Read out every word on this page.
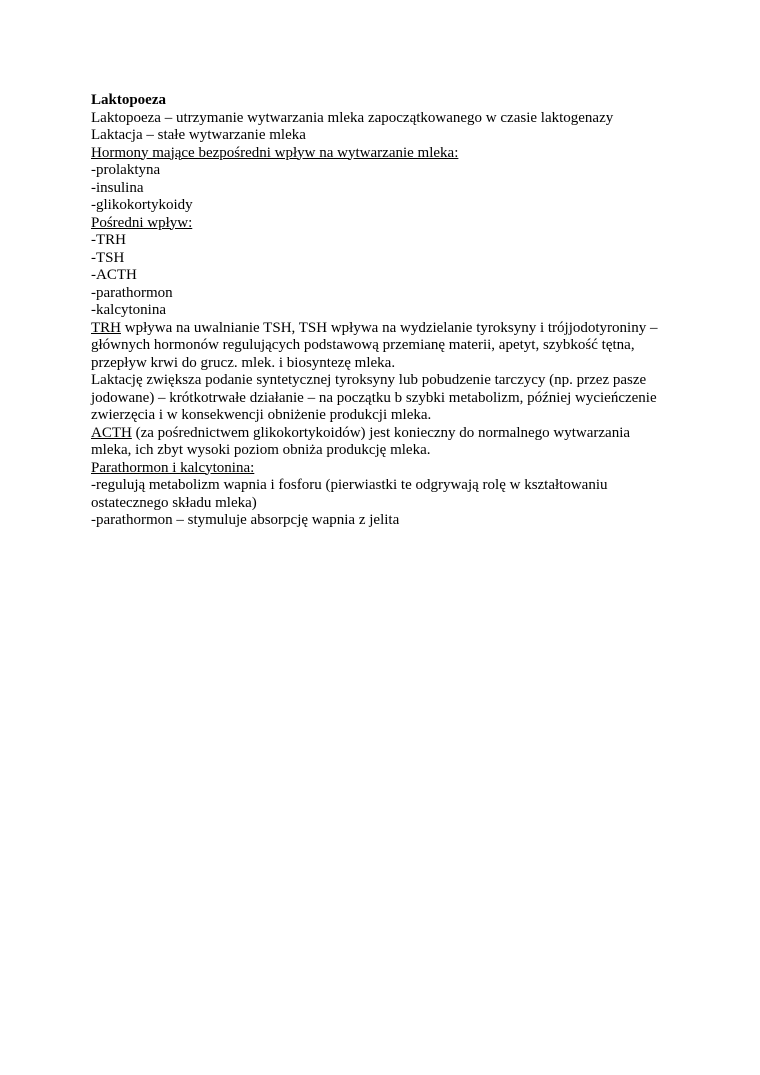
Laktopoeza
Laktopoeza – utrzymanie wytwarzania mleka zapoczątkowanego w czasie laktogenazy
Laktacja – stałe wytwarzanie mleka
Hormony mające bezpośredni wpływ na wytwarzanie mleka:
-prolaktyna
-insulina
-glikokortykoidy
Pośredni wpływ:
-TRH
-TSH
-ACTH
-parathormon
-kalcytonina
TRH wpływa na uwalnianie TSH, TSH wpływa na wydzielanie tyroksyny i trójjodotyroniny –
głównych hormonów regulujących podstawową przemianę materii, apetyt, szybkość tętna,
przepływ krwi do grucz. mlek. i biosyntezę mleka.
Laktację zwiększa podanie syntetycznej tyroksyny lub pobudzenie tarczycy (np. przez pasze
jodowane) – krótkotrwałe działanie – na początku b szybki metabolizm, później wycieńczenie
zwierzęcia i w konsekwencji obniżenie produkcji mleka.
ACTH (za pośrednictwem glikokortykoidów) jest konieczny do normalnego wytwarzania
mleka, ich zbyt wysoki poziom obniża produkcję mleka.
Parathormon i kalcytonina:
-regulują metabolizm wapnia i fosforu (pierwiastki te odgrywają rolę w kształtowaniu
ostatecznego składu mleka)
-parathormon – stymuluje absorpcję wapnia z jelita
